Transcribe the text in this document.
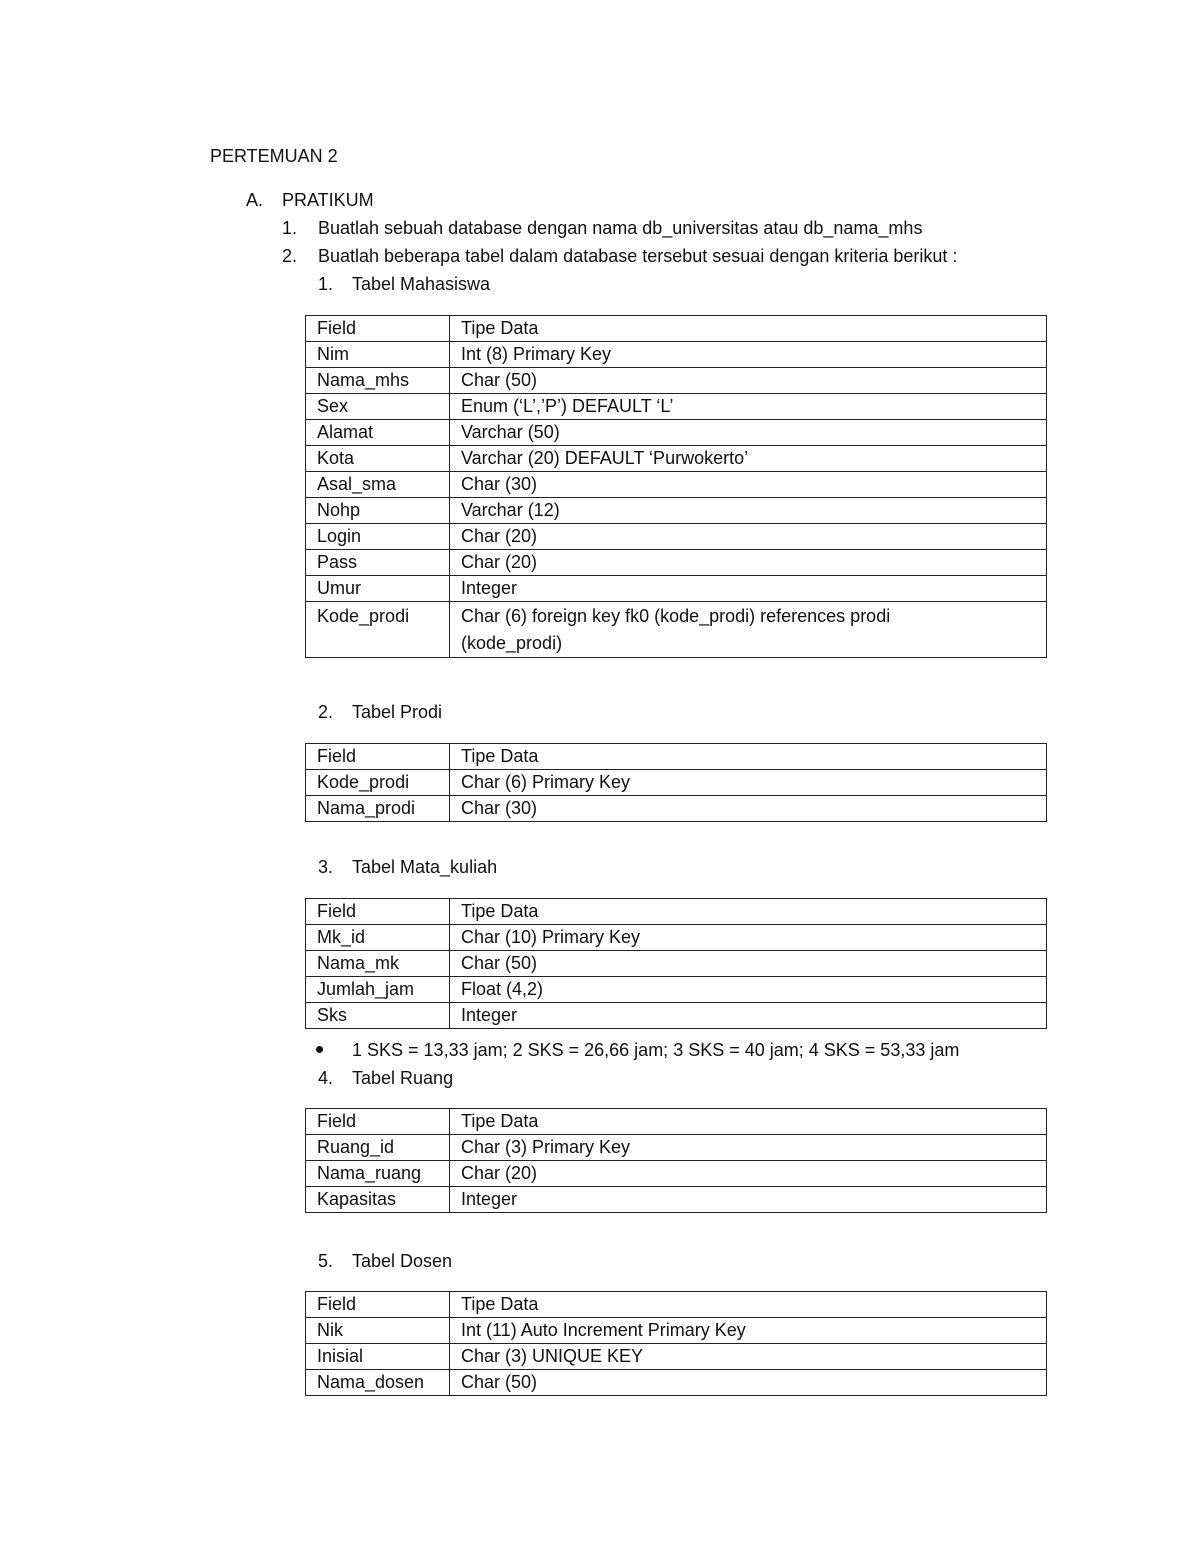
PERTEMUAN 2
A. PRATIKUM
1. Buatlah sebuah database dengan nama db_universitas atau db_nama_mhs
2. Buatlah beberapa tabel dalam database tersebut sesuai dengan kriteria berikut :
1. Tabel Mahasiswa
Field	Tipe Data
Nim	Int (8) Primary Key
Nama_mhs	Char (50)
Sex	Enum (‘L’,’P’) DEFAULT ‘L’
Alamat	Varchar (50)
Kota	Varchar (20) DEFAULT ‘Purwokerto’
Asal_sma	Char (30)
Nohp	Varchar (12)
Login	Char (20)
Pass	Char (20)
Umur	Integer
Kode_prodi	Char (6) foreign key fk0 (kode_prodi) references prodi (kode_prodi)
2. Tabel Prodi
Field	Tipe Data
Kode_prodi	Char (6) Primary Key
Nama_prodi	Char (30)
3. Tabel Mata_kuliah
Field	Tipe Data
Mk_id	Char (10) Primary Key
Nama_mk	Char (50)
Jumlah_jam	Float (4,2)
Sks	Integer
1 SKS = 13,33 jam; 2 SKS = 26,66 jam; 3 SKS = 40 jam; 4 SKS = 53,33 jam
4. Tabel Ruang
Field	Tipe Data
Ruang_id	Char (3) Primary Key
Nama_ruang	Char (20)
Kapasitas	Integer
5. Tabel Dosen
Field	Tipe Data
Nik	Int (11) Auto Increment Primary Key
Inisial	Char (3) UNIQUE KEY
Nama_dosen	Char (50)
